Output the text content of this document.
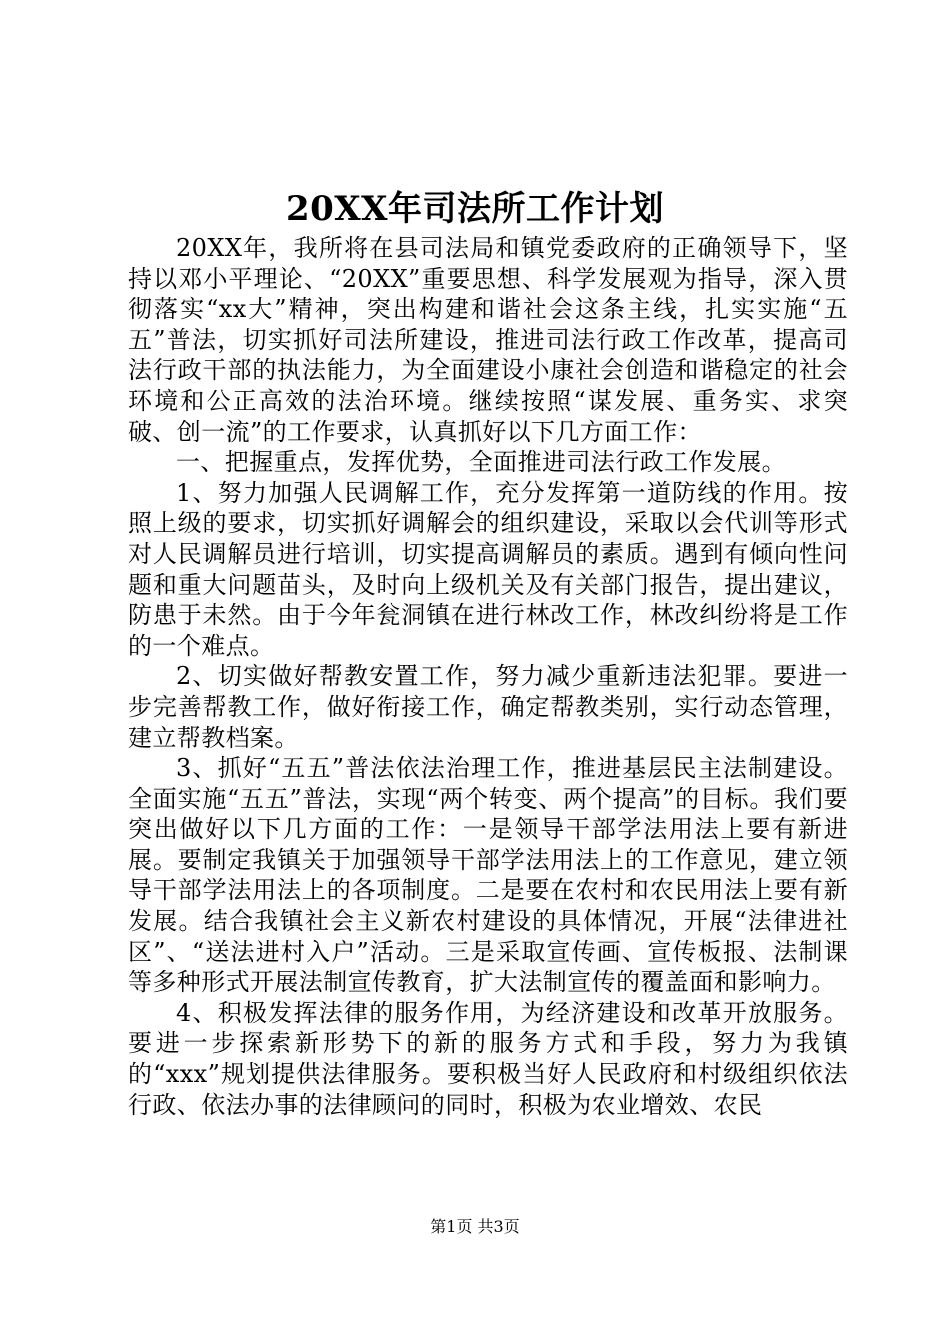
20XX年司法所工作计划

20XX年，我所将在县司法局和镇党委政府的正确领导下，坚持以邓小平理论、“20XX”重要思想、科学发展观为指导，深入贯彻落实“xx大”精神，突出构建和谐社会这条主线，扎实实施“五五”普法，切实抓好司法所建设，推进司法行政工作改革，提高司法行政干部的执法能力，为全面建设小康社会创造和谐稳定的社会环境和公正高效的法治环境。继续按照“谋发展、重务实、求突破、创一流”的工作要求，认真抓好以下几方面工作：

一、把握重点，发挥优势，全面推进司法行政工作发展。

1、努力加强人民调解工作，充分发挥第一道防线的作用。按照上级的要求，切实抓好调解会的组织建设，采取以会代训等形式对人民调解员进行培训，切实提高调解员的素质。遇到有倾向性问题和重大问题苗头，及时向上级机关及有关部门报告，提出建议，防患于未然。由于今年瓮洞镇在进行林改工作，林改纠纷将是工作的一个难点。

2、切实做好帮教安置工作，努力减少重新违法犯罪。要进一步完善帮教工作，做好衔接工作，确定帮教类别，实行动态管理，建立帮教档案。

3、抓好“五五”普法依法治理工作，推进基层民主法制建设。全面实施“五五”普法，实现“两个转变、两个提高”的目标。我们要突出做好以下几方面的工作：一是领导干部学法用法上要有新进展。要制定我镇关于加强领导干部学法用法上的工作意见，建立领导干部学法用法上的各项制度。二是要在农村和农民用法上要有新发展。结合我镇社会主义新农村建设的具体情况，开展“法律进社区”、“送法进村入户”活动。三是采取宣传画、宣传板报、法制课等多种形式开展法制宣传教育，扩大法制宣传的覆盖面和影响力。

4、积极发挥法律的服务作用，为经济建设和改革开放服务。要进一步探索新形势下的新的服务方式和手段，努力为我镇的“xxx”规划提供法律服务。要积极当好人民政府和村级组织依法行政、依法办事的法律顾问的同时，积极为农业增效、农民

第1页 共3页
